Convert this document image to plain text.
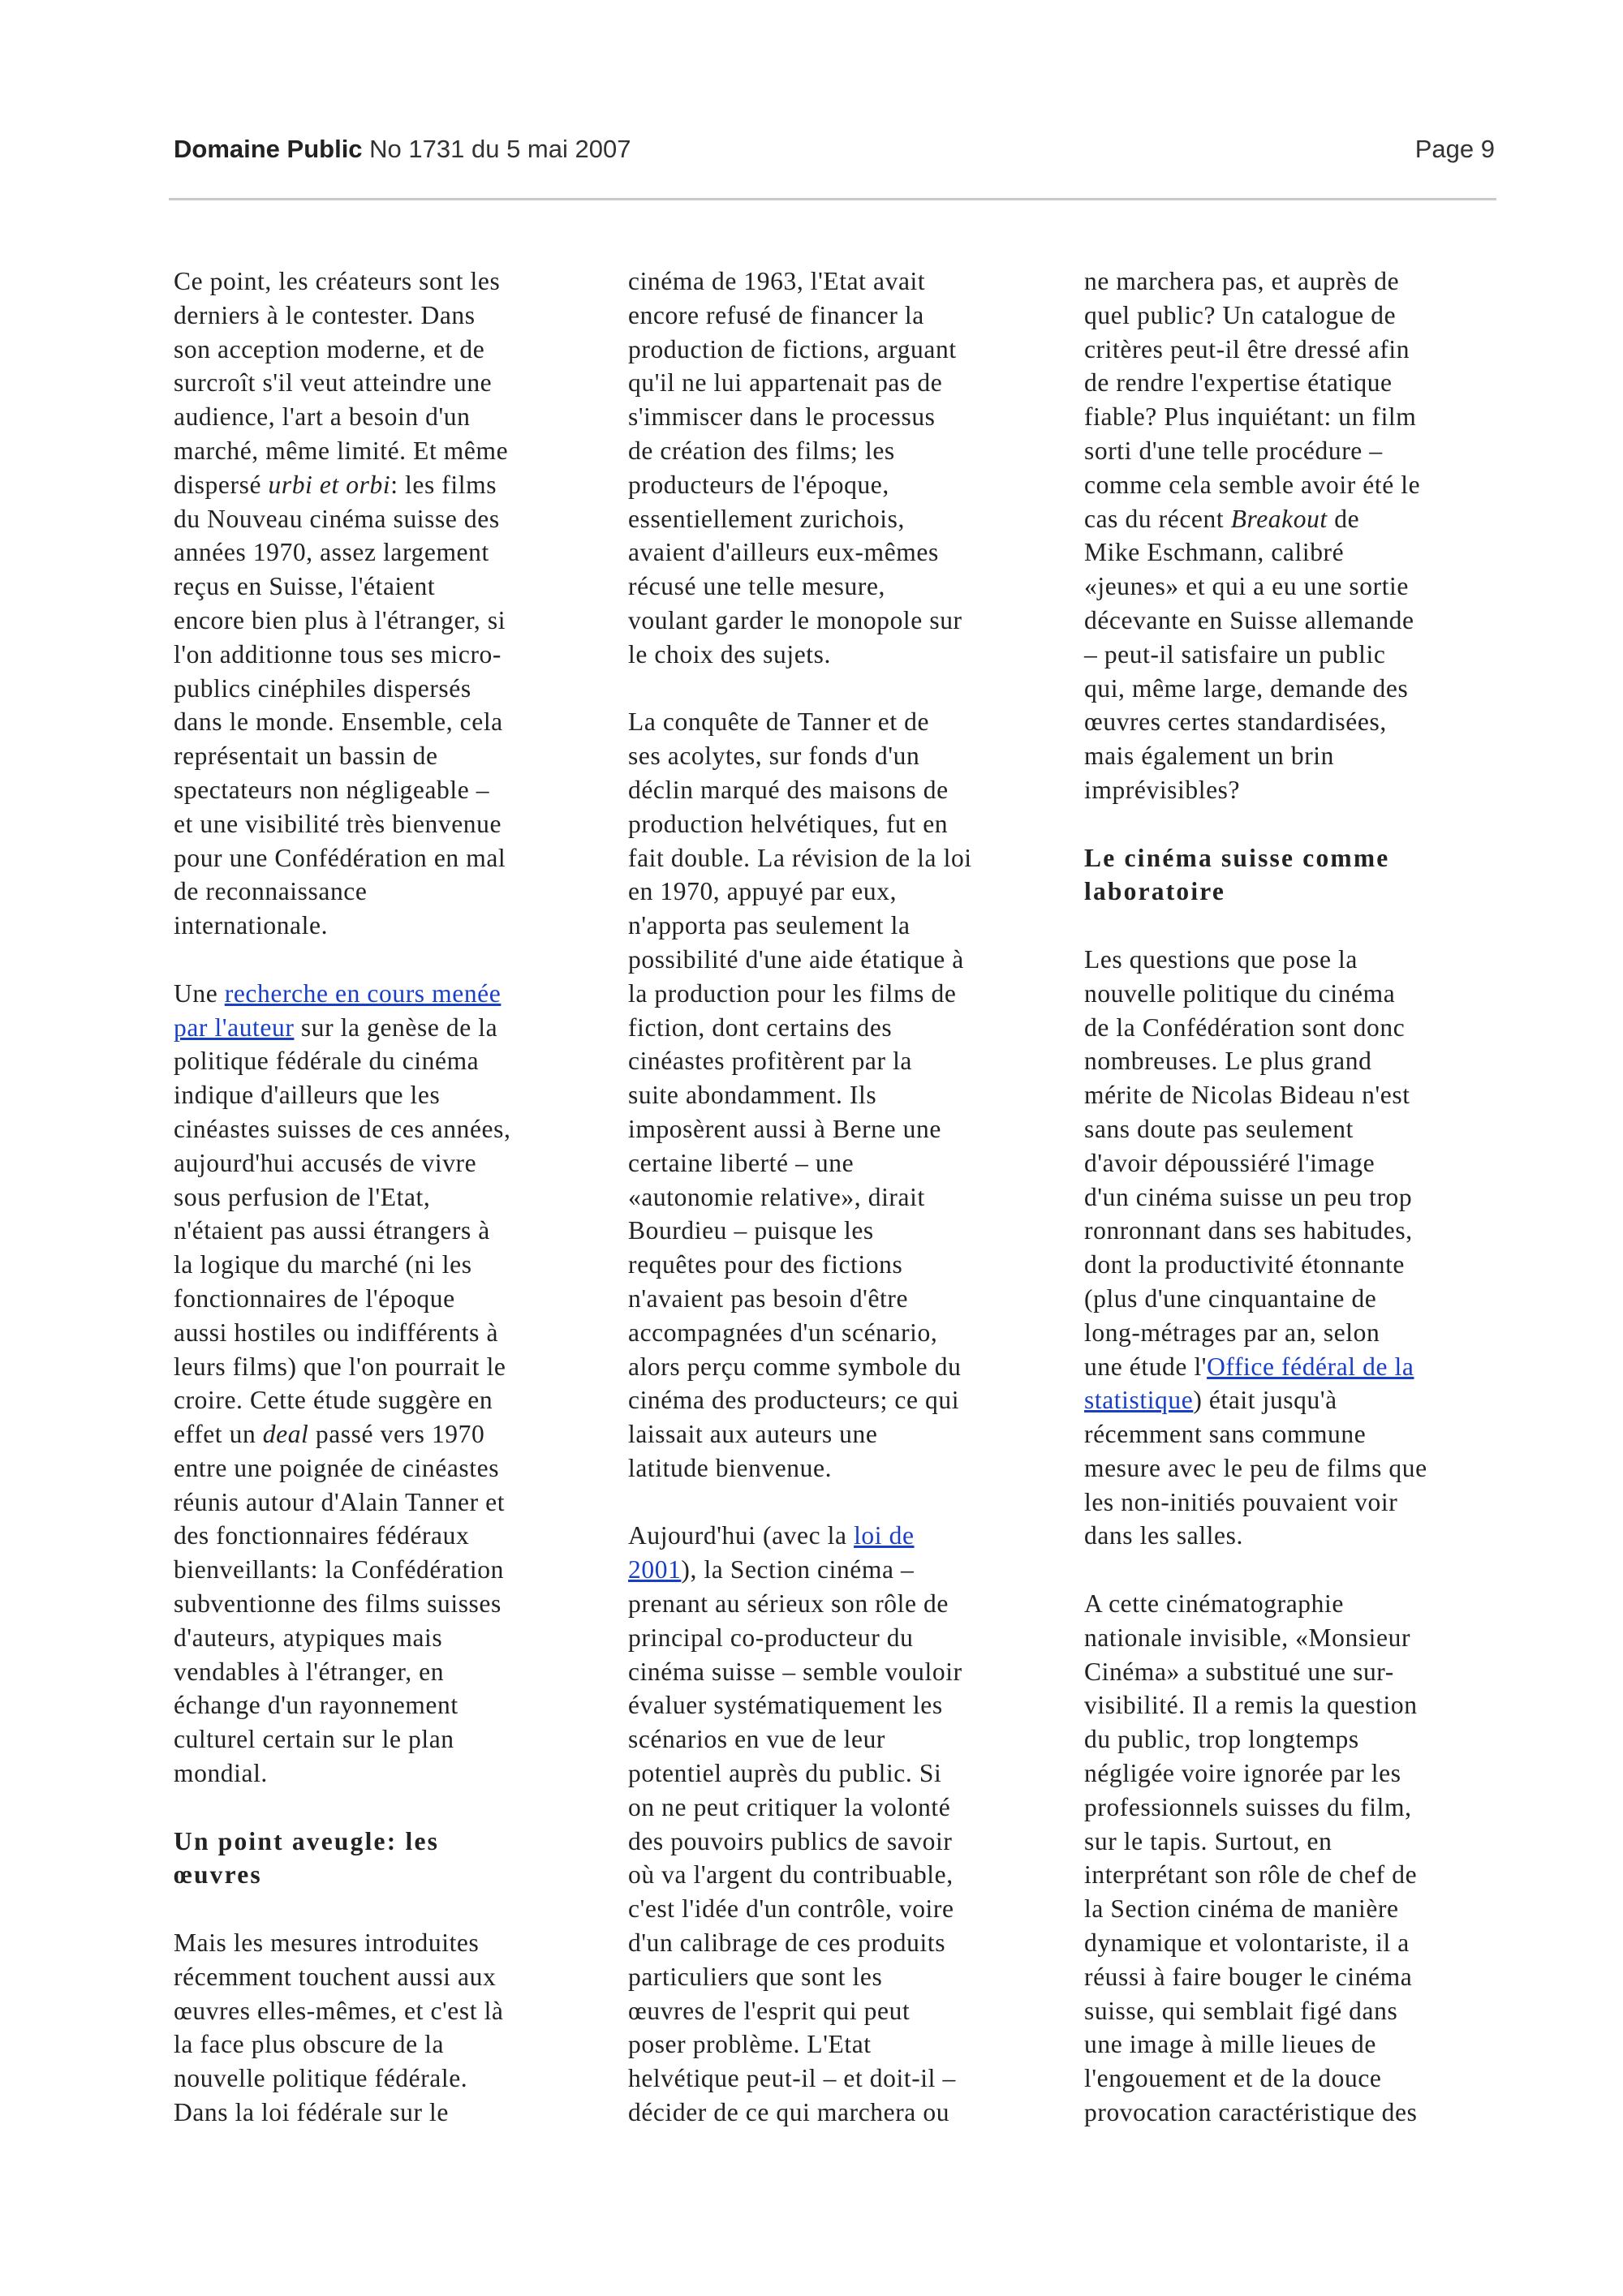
Domaine Public No 1731 du 5 mai 2007	Page 9
Ce point, les créateurs sont les
derniers à le contester. Dans
son acception moderne, et de
surcroît s'il veut atteindre une
audience, l'art a besoin d'un
marché, même limité. Et même
dispersé urbi et orbi: les films
du Nouveau cinéma suisse des
années 1970, assez largement
reçus en Suisse, l'étaient
encore bien plus à l'étranger, si
l'on additionne tous ses micro-
publics cinéphiles dispersés
dans le monde. Ensemble, cela
représentait un bassin de
spectateurs non négligeable –
et une visibilité très bienvenue
pour une Confédération en mal
de reconnaissance
internationale.
Une recherche en cours menée
par l'auteur sur la genèse de la
politique fédérale du cinéma
indique d'ailleurs que les
cinéastes suisses de ces années,
aujourd'hui accusés de vivre
sous perfusion de l'Etat,
n'étaient pas aussi étrangers à
la logique du marché (ni les
fonctionnaires de l'époque
aussi hostiles ou indifférents à
leurs films) que l'on pourrait le
croire. Cette étude suggère en
effet un deal passé vers 1970
entre une poignée de cinéastes
réunis autour d'Alain Tanner et
des fonctionnaires fédéraux
bienveillants: la Confédération
subventionne des films suisses
d'auteurs, atypiques mais
vendables à l'étranger, en
échange d'un rayonnement
culturel certain sur le plan
mondial.
Un point aveugle: les
œuvres
Mais les mesures introduites
récemment touchent aussi aux
œuvres elles-mêmes, et c'est là
la face plus obscure de la
nouvelle politique fédérale.
Dans la loi fédérale sur le
cinéma de 1963, l'Etat avait
encore refusé de financer la
production de fictions, arguant
qu'il ne lui appartenait pas de
s'immiscer dans le processus
de création des films; les
producteurs de l'époque,
essentiellement zurichois,
avaient d'ailleurs eux-mêmes
récusé une telle mesure,
voulant garder le monopole sur
le choix des sujets.
La conquête de Tanner et de
ses acolytes, sur fonds d'un
déclin marqué des maisons de
production helvétiques, fut en
fait double. La révision de la loi
en 1970, appuyé par eux,
n'apporta pas seulement la
possibilité d'une aide étatique à
la production pour les films de
fiction, dont certains des
cinéastes profitèrent par la
suite abondamment. Ils
imposèrent aussi à Berne une
certaine liberté – une
«autonomie relative», dirait
Bourdieu – puisque les
requêtes pour des fictions
n'avaient pas besoin d'être
accompagnées d'un scénario,
alors perçu comme symbole du
cinéma des producteurs; ce qui
laissait aux auteurs une
latitude bienvenue.
Aujourd'hui (avec la loi de
2001), la Section cinéma –
prenant au sérieux son rôle de
principal co-producteur du
cinéma suisse – semble vouloir
évaluer systématiquement les
scénarios en vue de leur
potentiel auprès du public. Si
on ne peut critiquer la volonté
des pouvoirs publics de savoir
où va l'argent du contribuable,
c'est l'idée d'un contrôle, voire
d'un calibrage de ces produits
particuliers que sont les
œuvres de l'esprit qui peut
poser problème. L'Etat
helvétique peut-il – et doit-il –
décider de ce qui marchera ou
ne marchera pas, et auprès de
quel public? Un catalogue de
critères peut-il être dressé afin
de rendre l'expertise étatique
fiable? Plus inquiétant: un film
sorti d'une telle procédure –
comme cela semble avoir été le
cas du récent Breakout de
Mike Eschmann, calibré
«jeunes» et qui a eu une sortie
décevante en Suisse allemande
– peut-il satisfaire un public
qui, même large, demande des
œuvres certes standardisées,
mais également un brin
imprévisibles?
Le cinéma suisse comme
laboratoire
Les questions que pose la
nouvelle politique du cinéma
de la Confédération sont donc
nombreuses. Le plus grand
mérite de Nicolas Bideau n'est
sans doute pas seulement
d'avoir dépoussiéré l'image
d'un cinéma suisse un peu trop
ronronnant dans ses habitudes,
dont la productivité étonnante
(plus d'une cinquantaine de
long-métrages par an, selon
une étude l'Office fédéral de la
statistique) était jusqu'à
récemment sans commune
mesure avec le peu de films que
les non-initiés pouvaient voir
dans les salles.
A cette cinématographie
nationale invisible, «Monsieur
Cinéma» a substitué une sur-
visibilité. Il a remis la question
du public, trop longtemps
négligée voire ignorée par les
professionnels suisses du film,
sur le tapis. Surtout, en
interprétant son rôle de chef de
la Section cinéma de manière
dynamique et volontariste, il a
réussi à faire bouger le cinéma
suisse, qui semblait figé dans
une image à mille lieues de
l'engouement et de la douce
provocation caractéristique des
